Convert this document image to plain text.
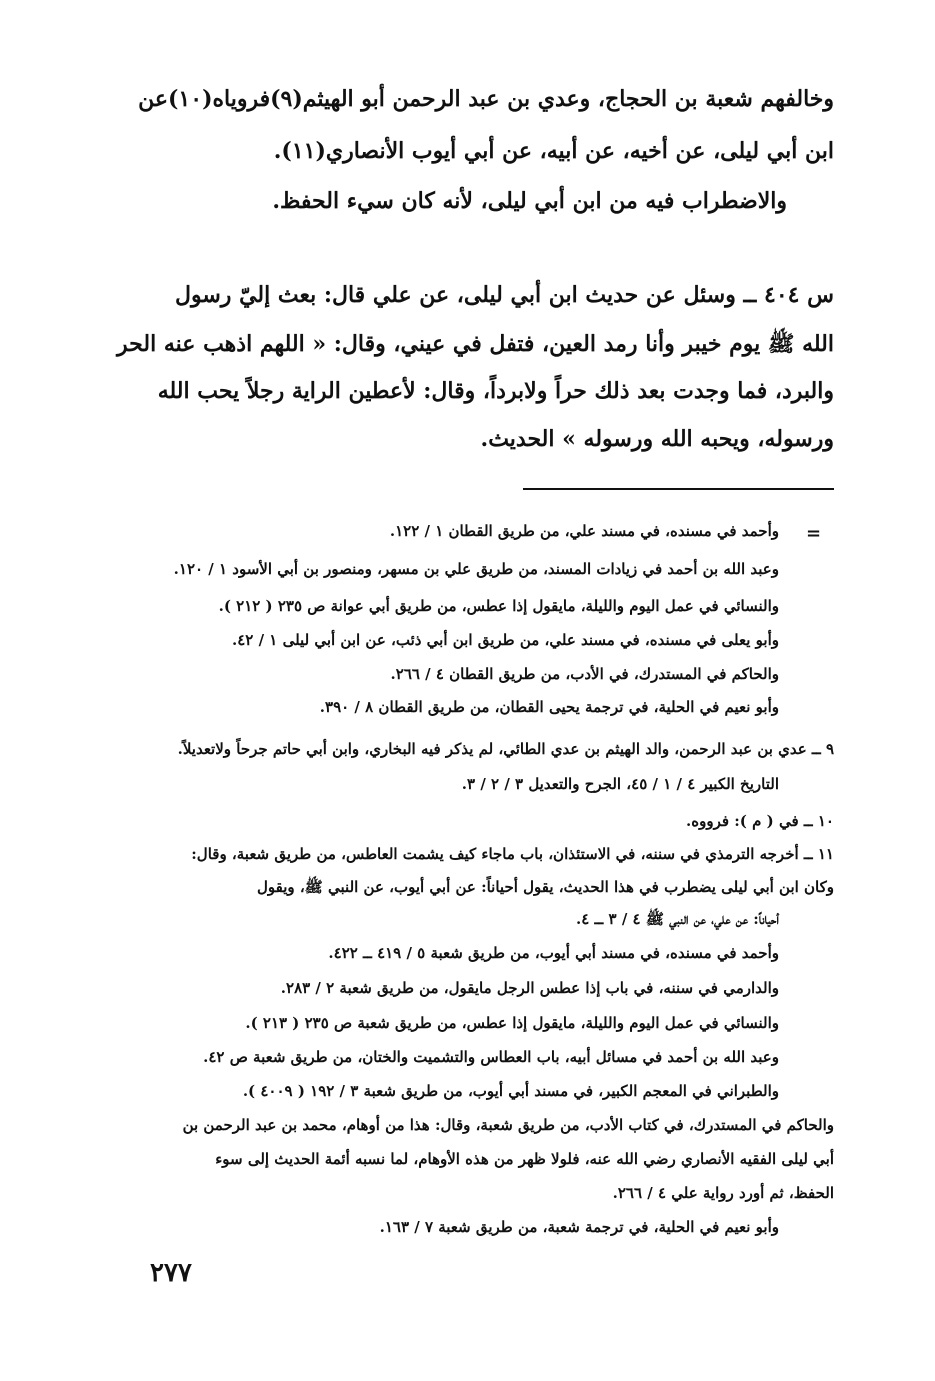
وخالفهم شعبة بن الحجاج، وعدي بن عبد الرحمن أبو الهيثم(٩)فروياه(١٠)عن
ابن أبي ليلى، عن أخيه، عن أبيه، عن أبي أيوب الأنصاري(١١).
والاضطراب فيه من ابن أبي ليلى، لأنه كان سيء الحفظ.
س ٤٠٤ ــ وسئل عن حديث ابن أبي ليلى، عن علي قال: بعث إليّ رسول
الله ﷺ يوم خيبر وأنا رمد العين، فتفل في عيني، وقال: « اللهم اذهب عنه الحر
والبرد، فما وجدت بعد ذلك حراً ولابرداً، وقال: لأعطين الراية رجلاً يحب الله
ورسوله، ويحبه الله ورسوله » الحديث.
=
وأحمد في مسنده، في مسند علي، من طريق القطان ١ / ١٢٢.
وعبد الله بن أحمد في زيادات المسند، من طريق علي بن مسهر، ومنصور بن أبي الأسود ١ / ١٢٠.
والنسائي في عمل اليوم والليلة، مايقول إذا عطس، من طريق أبي عوانة ص ٢٣٥ ( ٢١٢ ).
وأبو يعلى في مسنده، في مسند علي، من طريق ابن أبي ذئب، عن ابن أبي ليلى ١ / ٤٢.
والحاكم في المستدرك، في الأدب، من طريق القطان ٤ / ٢٦٦.
وأبو نعيم في الحلية، في ترجمة يحيى القطان، من طريق القطان ٨ / ٣٩٠.
٩ ــ عدي بن عبد الرحمن، والد الهيثم بن عدي الطائي، لم يذكر فيه البخاري، وابن أبي حاتم جرحاً ولاتعديلاً.
التاريخ الكبير ٤ / ١ / ٤٥، الجرح والتعديل ٣ / ٢ / ٣.
١٠ ــ في ( م ): فرووه.
١١ ــ أخرجه الترمذي في سننه، في الاستئذان، باب ماجاء كيف يشمت العاطس، من طريق شعبة، وقال:
وكان ابن أبي ليلى يضطرب في هذا الحديث، يقول أحياناً: عن أبي أيوب، عن النبي ﷺ، ويقول
أحياناً: عن علي، عن النبي ﷺ ٤ / ٣ ــ ٤.
وأحمد في مسنده، في مسند أبي أيوب، من طريق شعبة ٥ / ٤١٩ ــ ٤٢٢.
والدارمي في سننه، في باب إذا عطس الرجل مايقول، من طريق شعبة ٢ / ٢٨٣.
والنسائي في عمل اليوم والليلة، مايقول إذا عطس، من طريق شعبة ص ٢٣٥ ( ٢١٣ ).
وعبد الله بن أحمد في مسائل أبيه، باب العطاس والتشميت والختان، من طريق شعبة ص ٤٢.
والطبراني في المعجم الكبير، في مسند أبي أيوب، من طريق شعبة ٣ / ١٩٢ ( ٤٠٠٩ ).
والحاكم في المستدرك، في كتاب الأدب، من طريق شعبة، وقال: هذا من أوهام، محمد بن عبد الرحمن بن
أبي ليلى الفقيه الأنصاري رضي الله عنه، فلولا ظهر من هذه الأوهام، لما نسبه أئمة الحديث إلى سوء
الحفظ، ثم أورد رواية علي ٤ / ٢٦٦.
وأبو نعيم في الحلية، في ترجمة شعبة، من طريق شعبة ٧ / ١٦٣.
٢٧٧
